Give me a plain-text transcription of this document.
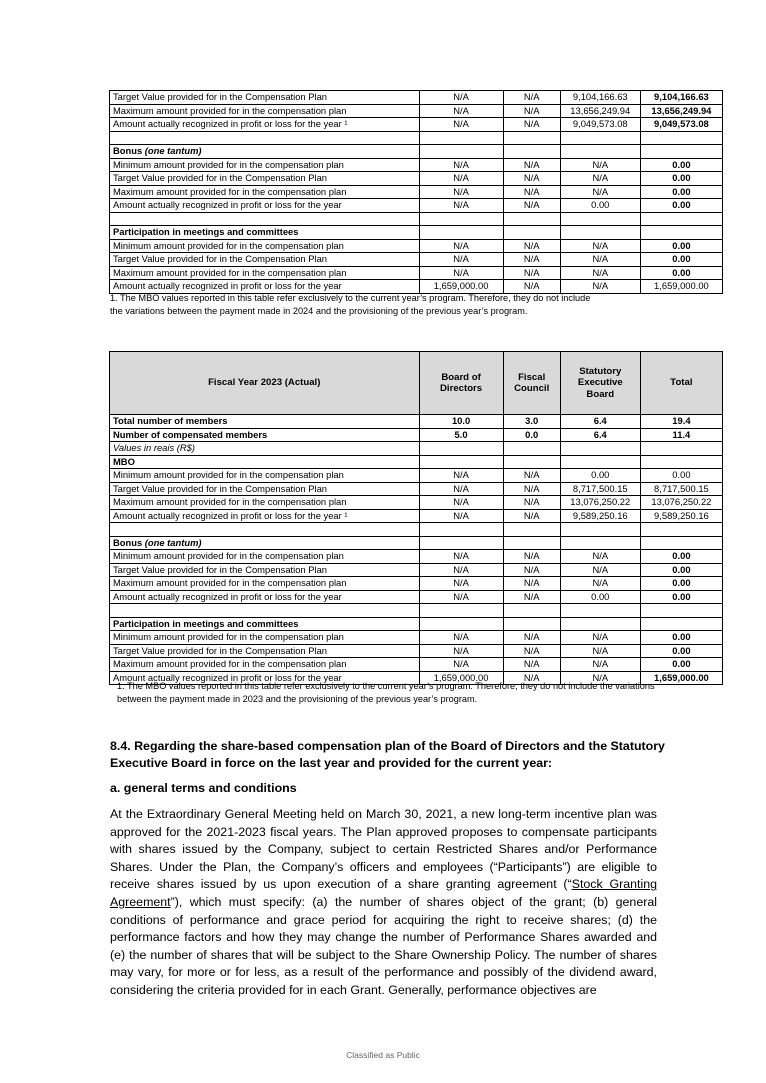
Target Value provided for in the Compensation Plan	N/A	N/A	9,104,166.63	9,104,166.63
Maximum amount provided for in the compensation plan	N/A	N/A	13,656,249.94	13,656,249.94
Amount actually recognized in profit or loss for the year ¹	N/A	N/A	9,049,573.08	9,049,573.08

Bonus (one tantum)				
Minimum amount provided for in the compensation plan	N/A	N/A	N/A	0.00
Target Value provided for in the Compensation Plan	N/A	N/A	N/A	0.00
Maximum amount provided for in the compensation plan	N/A	N/A	N/A	0.00
Amount actually recognized in profit or loss for the year	N/A	N/A	0.00	0.00

Participation in meetings and committees				
Minimum amount provided for in the compensation plan	N/A	N/A	N/A	0.00
Target Value provided for in the Compensation Plan	N/A	N/A	N/A	0.00
Maximum amount provided for in the compensation plan	N/A	N/A	N/A	0.00
Amount actually recognized in profit or loss for the year	1,659,000.00	N/A	N/A	1,659,000.00
1. The MBO values reported in this table refer exclusively to the current year’s program. Therefore, they do not include
the variations between the payment made in 2024 and the provisioning of the previous year’s program.
Fiscal Year 2023 (Actual)	Board of Directors	Fiscal Council	Statutory Executive Board	Total
Total number of members	10.0	3.0	6.4	19.4
Number of compensated members	5.0	0.0	6.4	11.4
Values in reais (R$)				
MBO				
Minimum amount provided for in the compensation plan	N/A	N/A	0.00	0.00
Target Value provided for in the Compensation Plan	N/A	N/A	8,717,500.15	8,717,500.15
Maximum amount provided for in the compensation plan	N/A	N/A	13,076,250.22	13,076,250.22
Amount actually recognized in profit or loss for the year ¹	N/A	N/A	9,589,250.16	9,589,250.16

Bonus (one tantum)				
Minimum amount provided for in the compensation plan	N/A	N/A	N/A	0.00
Target Value provided for in the Compensation Plan	N/A	N/A	N/A	0.00
Maximum amount provided for in the compensation plan	N/A	N/A	N/A	0.00
Amount actually recognized in profit or loss for the year	N/A	N/A	0.00	0.00

Participation in meetings and committees				
Minimum amount provided for in the compensation plan	N/A	N/A	N/A	0.00
Target Value provided for in the Compensation Plan	N/A	N/A	N/A	0.00
Maximum amount provided for in the compensation plan	N/A	N/A	N/A	0.00
Amount actually recognized in profit or loss for the year	1,659,000.00	N/A	N/A	1,659,000.00
1. The MBO values reported in this table refer exclusively to the current year’s program. Therefore, they do not include the variations
between the payment made in 2023 and the provisioning of the previous year’s program.
8.4. Regarding the share-based compensation plan of the Board of Directors and the Statutory Executive Board in force on the last year and provided for the current year:
a. general terms and conditions
At the Extraordinary General Meeting held on March 30, 2021, a new long-term incentive plan was approved for the 2021-2023 fiscal years. The Plan approved proposes to compensate participants with shares issued by the Company, subject to certain Restricted Shares and/or Performance Shares. Under the Plan, the Company’s officers and employees (“Participants”) are eligible to receive shares issued by us upon execution of a share granting agreement (“Stock Granting Agreement”), which must specify: (a) the number of shares object of the grant; (b) general conditions of performance and grace period for acquiring the right to receive shares; (d) the performance factors and how they may change the number of Performance Shares awarded and (e) the number of shares that will be subject to the Share Ownership Policy. The number of shares may vary, for more or for less, as a result of the performance and possibly of the dividend award, considering the criteria provided for in each Grant. Generally, performance objectives are
Classified as Public
